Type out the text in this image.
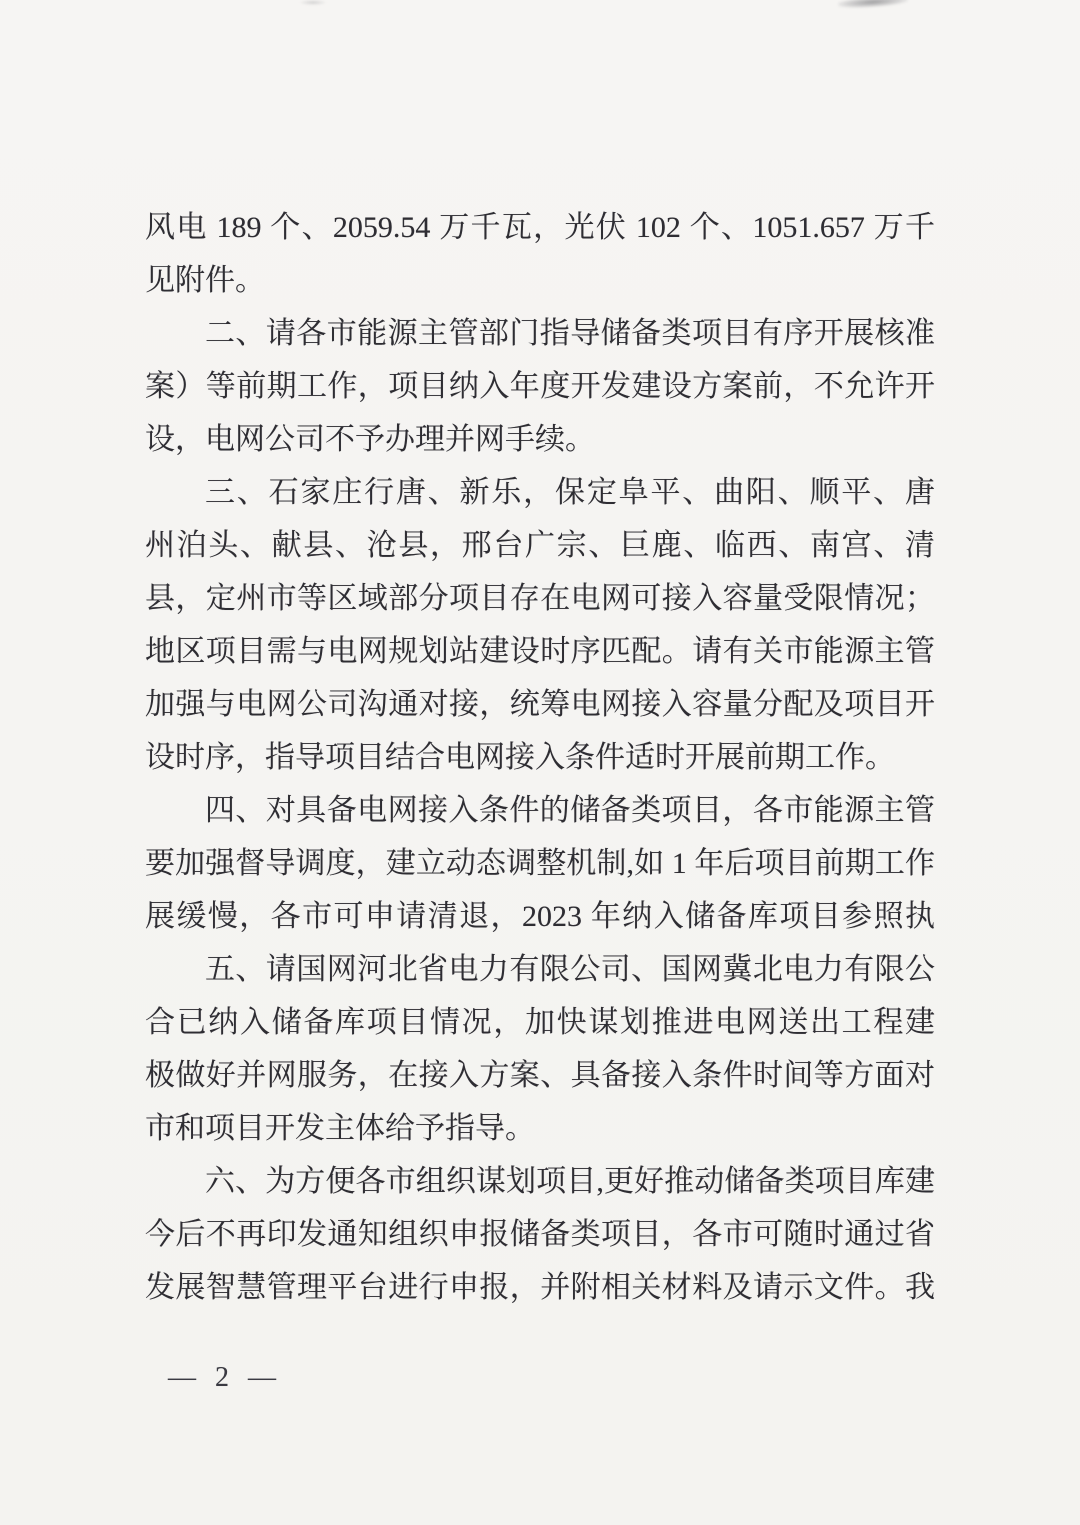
风电 189 个、2059.54 万千瓦，光伏 102 个、1051.657 万千
见附件。

二、请各市能源主管部门指导储备类项目有序开展核准
案）等前期工作，项目纳入年度开发建设方案前，不允许开
设，电网公司不予办理并网手续。

三、石家庄行唐、新乐，保定阜平、曲阳、顺平、唐
州泊头、献县、沧县，邢台广宗、巨鹿、临西、南宫、清
县，定州市等区域部分项目存在电网可接入容量受限情况；
地区项目需与电网规划站建设时序匹配。请有关市能源主管
加强与电网公司沟通对接，统筹电网接入容量分配及项目开
设时序，指导项目结合电网接入条件适时开展前期工作。

四、对具备电网接入条件的储备类项目，各市能源主管
要加强督导调度，建立动态调整机制,如 1 年后项目前期工作
展缓慢，各市可申请清退，2023 年纳入储备库项目参照执

五、请国网河北省电力有限公司、国网冀北电力有限公
合已纳入储备库项目情况，加快谋划推进电网送出工程建
极做好并网服务，在接入方案、具备接入条件时间等方面对
市和项目开发主体给予指导。

六、为方便各市组织谋划项目,更好推动储备类项目库建
今后不再印发通知组织申报储备类项目，各市可随时通过省
发展智慧管理平台进行申报，并附相关材料及请示文件。我

— 2 —
